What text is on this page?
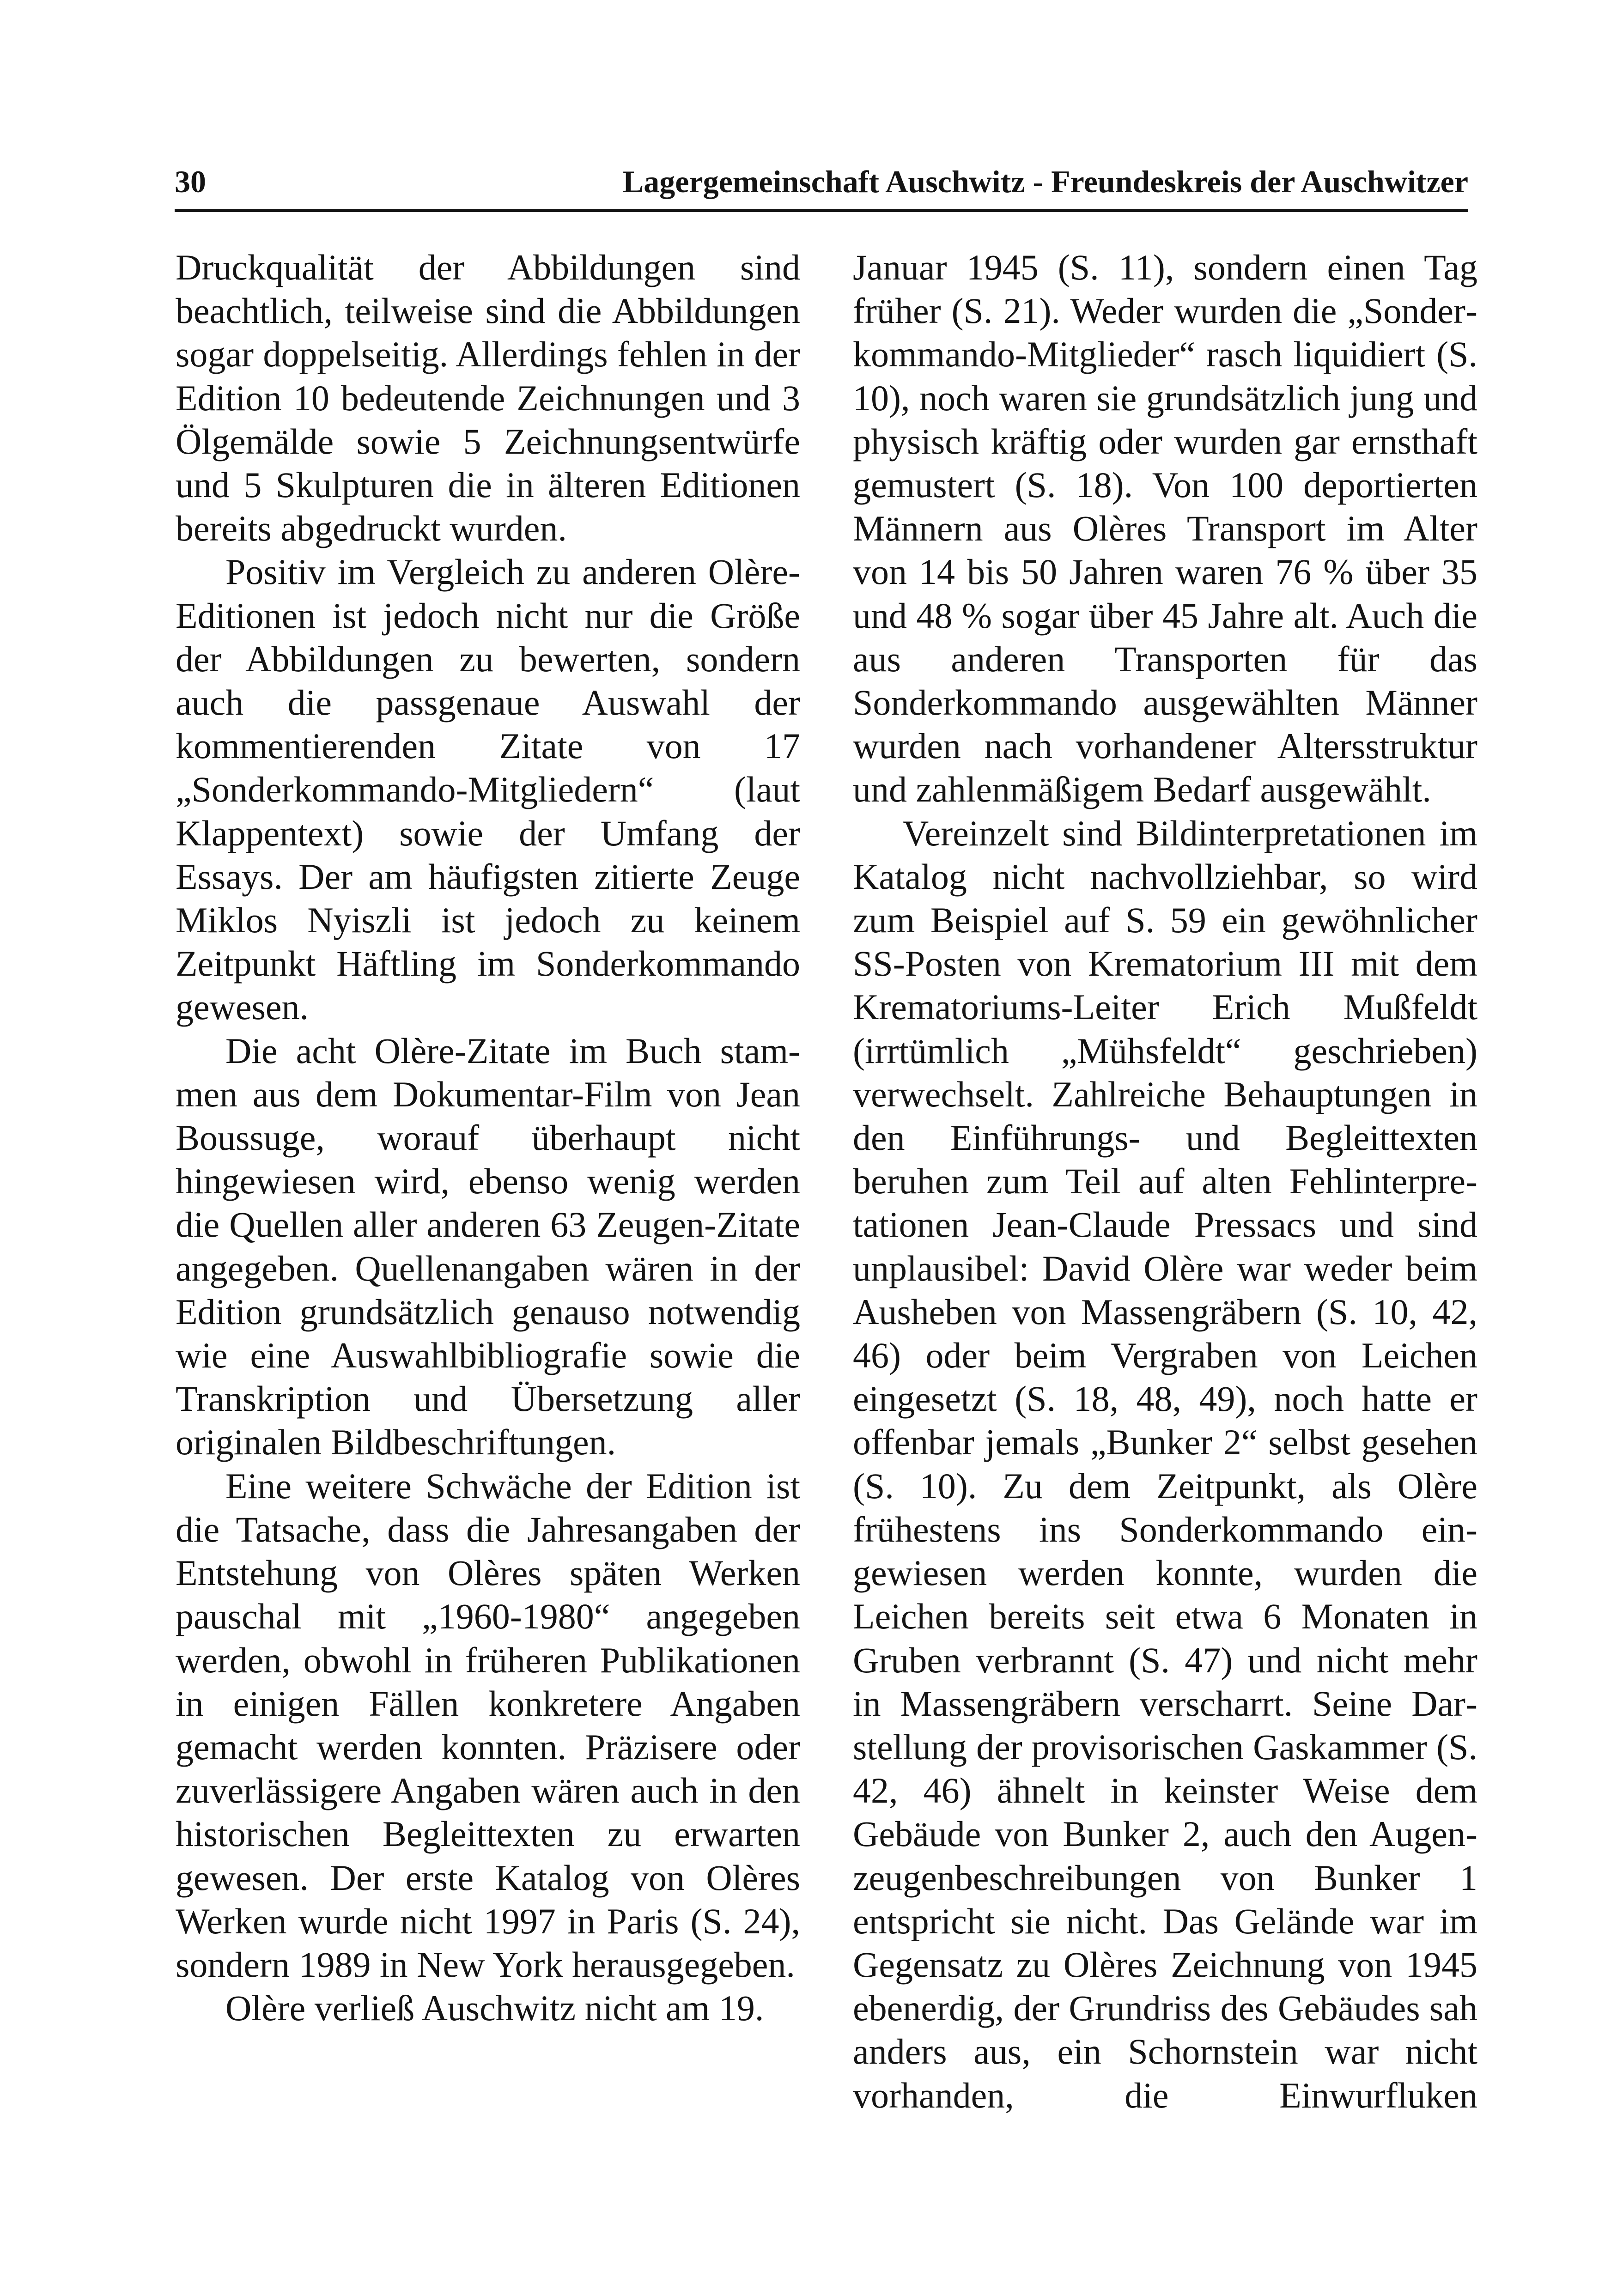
30	Lagergemeinschaft Auschwitz - Freundeskreis der Auschwitzer

Druckqualität der Abbildungen sind beachtlich, teilweise sind die Abbildungen sogar doppelseitig. Allerdings fehlen in der Edition 10 bedeutende Zeichnungen und 3 Ölgemälde sowie 5 Zeichnungsentwürfe und 5 Skulpturen die in älteren Editionen bereits abgedruckt wurden.

Positiv im Vergleich zu anderen Olère-Editionen ist jedoch nicht nur die Größe der Abbildungen zu bewerten, sondern auch die passgenaue Auswahl der kommentierenden Zitate von 17 „Sonderkommando-Mitgliedern“ (laut Klappentext) sowie der Umfang der Essays. Der am häufigsten zitierte Zeuge Miklos Nyiszli ist jedoch zu keinem Zeitpunkt Häftling im Sonderkommando gewesen.

Die acht Olère-Zitate im Buch stammen aus dem Dokumentar-Film von Jean Boussuge, worauf überhaupt nicht hingewiesen wird, ebenso wenig werden die Quellen aller anderen 63 Zeugen-Zitate angegeben. Quellenangaben wären in der Edition grundsätzlich genauso notwendig wie eine Auswahlbibliografie sowie die Transkription und Übersetzung aller originalen Bildbeschriftungen.

Eine weitere Schwäche der Edition ist die Tatsache, dass die Jahresangaben der Entstehung von Olères späten Werken pauschal mit „1960-1980“ angegeben werden, obwohl in früheren Publikationen in einigen Fällen konkretere Angaben gemacht werden konnten. Präzisere oder zuverlässigere Angaben wären auch in den historischen Begleittexten zu erwarten gewesen. Der erste Katalog von Olères Werken wurde nicht 1997 in Paris (S. 24), sondern 1989 in New York herausgegeben.

Olère verließ Auschwitz nicht am 19.

Januar 1945 (S. 11), sondern einen Tag früher (S. 21). Weder wurden die „Sonderkommando-Mitglieder“ rasch liquidiert (S. 10), noch waren sie grundsätzlich jung und physisch kräftig oder wurden gar ernsthaft gemustert (S. 18). Von 100 deportierten Männern aus Olères Transport im Alter von 14 bis 50 Jahren waren 76 % über 35 und 48 % sogar über 45 Jahre alt. Auch die aus anderen Transporten für das Sonderkommando ausgewählten Männer wurden nach vorhandener Altersstruktur und zahlenmäßigem Bedarf ausgewählt.

Vereinzelt sind Bildinterpretationen im Katalog nicht nachvollziehbar, so wird zum Beispiel auf S. 59 ein gewöhnlicher SS-Posten von Krematorium III mit dem Krematoriums-Leiter Erich Mußfeldt (irrtümlich „Mühsfeldt“ geschrieben) verwechselt. Zahlreiche Behauptungen in den Einführungs- und Begleittexten beruhen zum Teil auf alten Fehlinterpretationen Jean-Claude Pressacs und sind unplausibel: David Olère war weder beim Ausheben von Massengräbern (S. 10, 42, 46) oder beim Vergraben von Leichen eingesetzt (S. 18, 48, 49), noch hatte er offenbar jemals „Bunker 2“ selbst gesehen (S. 10). Zu dem Zeitpunkt, als Olère frühestens ins Sonderkommando eingewiesen werden konnte, wurden die Leichen bereits seit etwa 6 Monaten in Gruben verbrannt (S. 47) und nicht mehr in Massengräbern verscharrt. Seine Darstellung der provisorischen Gaskammer (S. 42, 46) ähnelt in keinster Weise dem Gebäude von Bunker 2, auch den Augenzeugenbeschreibungen von Bunker 1 entspricht sie nicht. Das Gelände war im Gegensatz zu Olères Zeichnung von 1945 ebenerdig, der Grundriss des Gebäudes sah anders aus, ein Schornstein war nicht vorhanden, die Einwurfluken
